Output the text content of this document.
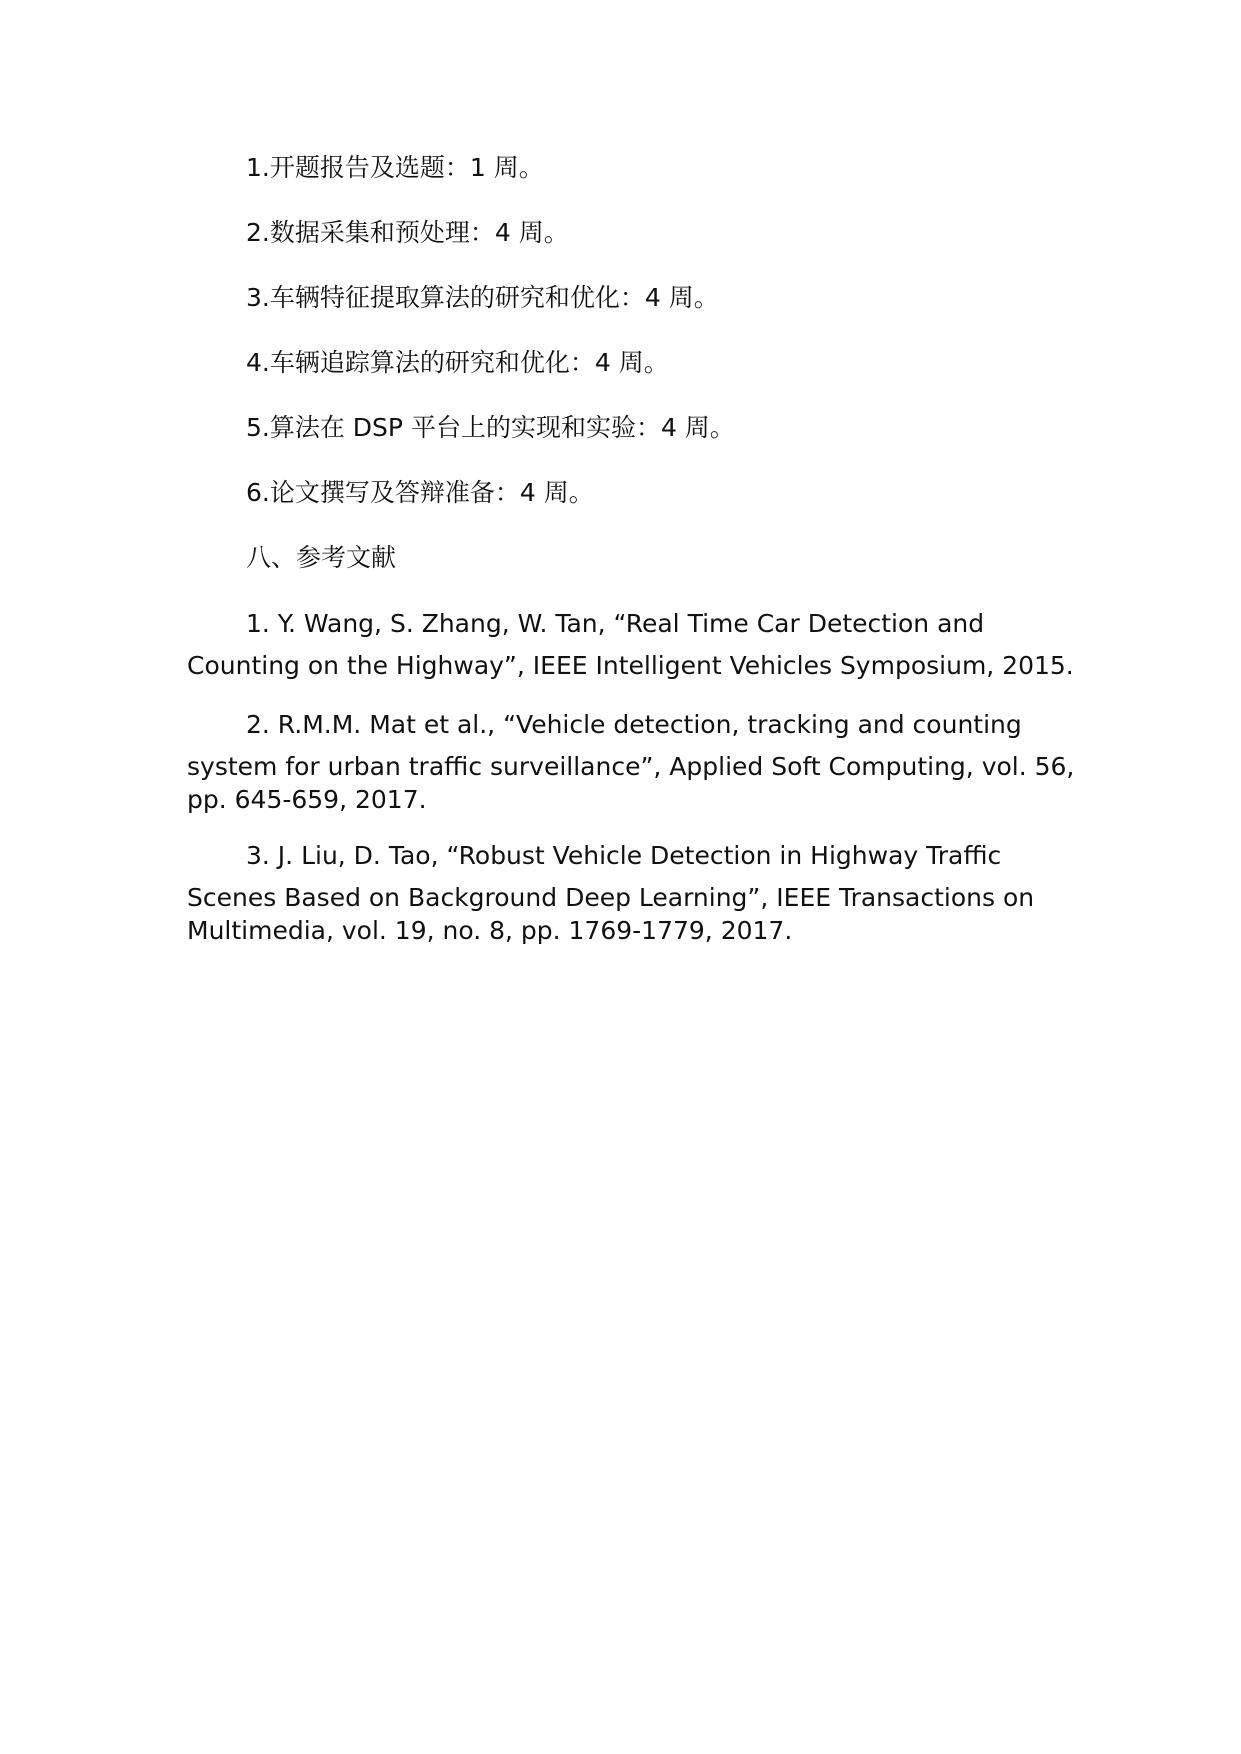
1.开题报告及选题：1 周。

2.数据采集和预处理：4 周。

3.车辆特征提取算法的研究和优化：4 周。

4.车辆追踪算法的研究和优化：4 周。

5.算法在 DSP 平台上的实现和实验：4 周。

6.论文撰写及答辩准备：4 周。

八、参考文献

1. Y. Wang, S. Zhang, W. Tan, “Real Time Car Detection and

Counting on the Highway”, IEEE Intelligent Vehicles Symposium, 2015.

2. R.M.M. Mat et al., “Vehicle detection, tracking and counting

system for urban traffic surveillance”, Applied Soft Computing, vol. 56,

pp. 645-659, 2017.

3. J. Liu, D. Tao, “Robust Vehicle Detection in Highway Traffic

Scenes Based on Background Deep Learning”, IEEE Transactions on

Multimedia, vol. 19, no. 8, pp. 1769-1779, 2017.
